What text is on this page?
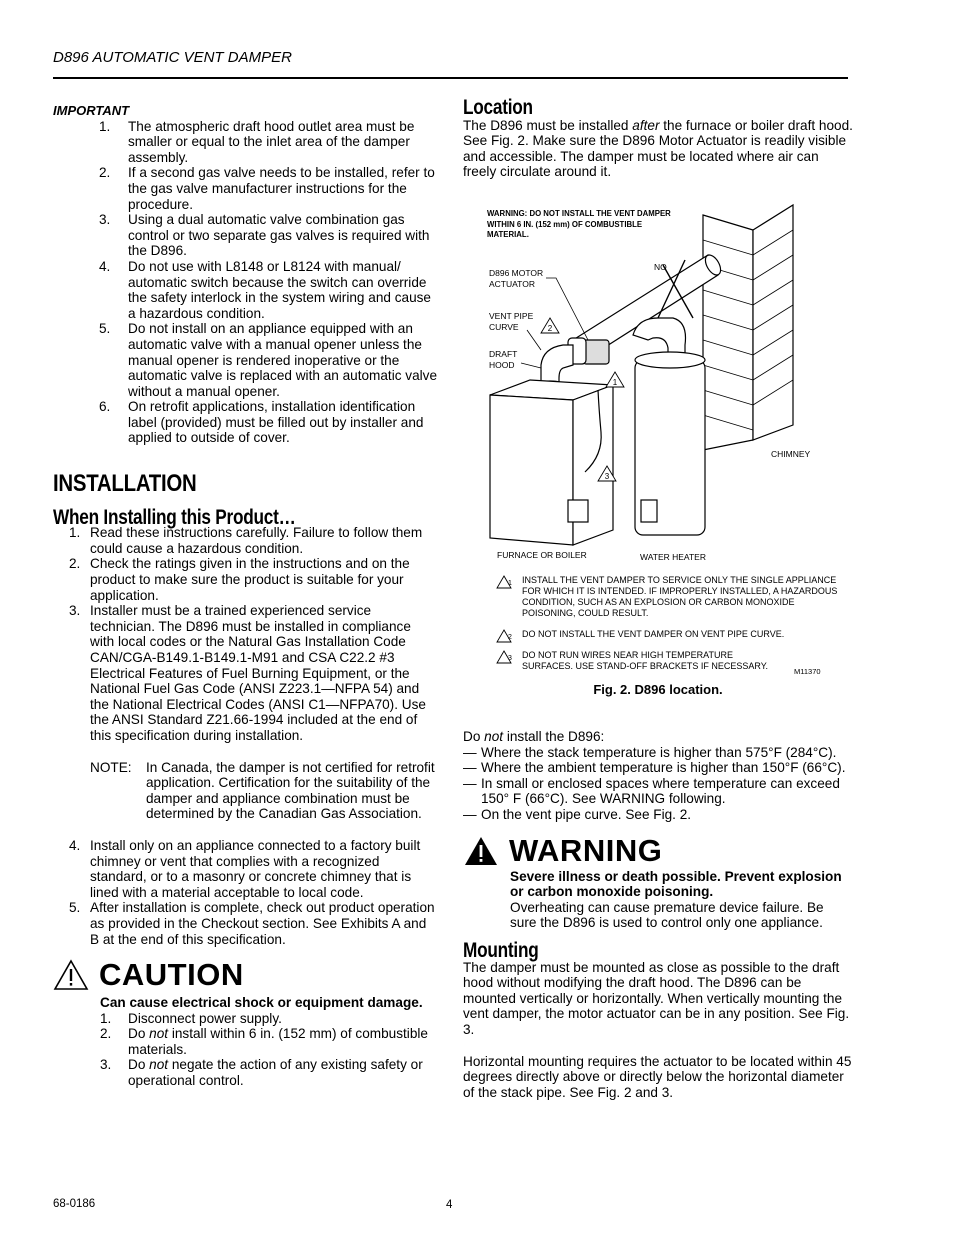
D896 AUTOMATIC VENT DAMPER
IMPORTANT
1. The atmospheric draft hood outlet area must be smaller or equal to the inlet area of the damper assembly.
2. If a second gas valve needs to be installed, refer to the gas valve manufacturer instructions for the procedure.
3. Using a dual automatic valve combination gas control or two separate gas valves is required with the D896.
4. Do not use with L8148 or L8124 with manual/ automatic switch because the switch can override the safety interlock in the system wiring and cause a hazardous condition.
5. Do not install on an appliance equipped with an automatic valve with a manual opener unless the manual opener is rendered inoperative or the automatic valve is replaced with an automatic valve without a manual opener.
6. On retrofit applications, installation identification label (provided) must be filled out by installer and applied to outside of cover.
INSTALLATION
When Installing this Product…
1. Read these instructions carefully. Failure to follow them could cause a hazardous condition.
2. Check the ratings given in the instructions and on the product to make sure the product is suitable for your application.
3. Installer must be a trained experienced service technician. The D896 must be installed in compliance with local codes or the Natural Gas Installation Code CAN/CGA-B149.1-B149.1-M91 and CSA C22.2 #3 Electrical Features of Fuel Burning Equipment, or the National Fuel Gas Code (ANSI Z223.1—NFPA 54) and the National Electrical Codes (ANSI C1—NFPA70). Use the ANSI Standard Z21.66-1994 included at the end of this specification during installation.
NOTE: In Canada, the damper is not certified for retrofit application. Certification for the suitability of the damper and appliance combination must be determined by the Canadian Gas Association.
4. Install only on an appliance connected to a factory built chimney or vent that complies with a recognized standard, or to a masonry or concrete chimney that is lined with a material acceptable to local code.
5. After installation is complete, check out product operation as provided in the Checkout section. See Exhibits A and B at the end of this specification.
CAUTION
Can cause electrical shock or equipment damage.
1. Disconnect power supply.
2. Do not install within 6 in. (152 mm) of combustible materials.
3. Do not negate the action of any existing safety or operational control.
Location

The D896 must be installed after the furnace or boiler draft hood. See Fig. 2. Make sure the D896 Motor Actuator is readily visible and accessible. The damper must be located where air can freely circulate around it.

2
1
3
WARNING: DO NOT INSTALL THE VENT DAMPER WITHIN 6 IN. (152 mm) OF COMBUSTIBLE MATERIAL.
NO
D896 MOTOR
ACTUATOR
VENT PIPE
CURVE
DRAFT
HOOD
CHIMNEY
FURNACE OR BOILER	WATER HEATER
1 INSTALL THE VENT DAMPER TO SERVICE ONLY THE SINGLE APPLIANCE FOR WHICH IT IS INTENDED. IF IMPROPERLY INSTALLED, A HAZARDOUS CONDITION, SUCH AS AN EXPLOSION OR CARBON MONOXIDE POISONING, COULD RESULT.
2 DO NOT INSTALL THE VENT DAMPER ON VENT PIPE CURVE.
3 DO NOT RUN WIRES NEAR HIGH TEMPERATURE SURFACES. USE STAND-OFF BRACKETS IF NECESSARY.
M11370
Fig. 2. D896 location.
Do not install the D896:
— Where the stack temperature is higher than 575°F (284°C).
— Where the ambient temperature is higher than 150°F (66°C).
— In small or enclosed spaces where temperature can exceed 150° F (66°C). See WARNING following.
— On the vent pipe curve. See Fig. 2.
WARNING
Severe illness or death possible. Prevent explosion or carbon monoxide poisoning.
Overheating can cause premature device failure. Be sure the D896 is used to control only one appliance.
Mounting

The damper must be mounted as close as possible to the draft hood without modifying the draft hood. The D896 can be mounted vertically or horizontally. When vertically mounting the vent damper, the motor actuator can be in any position. See Fig. 3.

Horizontal mounting requires the actuator to be located within 45 degrees directly above or directly below the horizontal diameter of the stack pipe. See Fig. 2 and 3.

68-0186	4
